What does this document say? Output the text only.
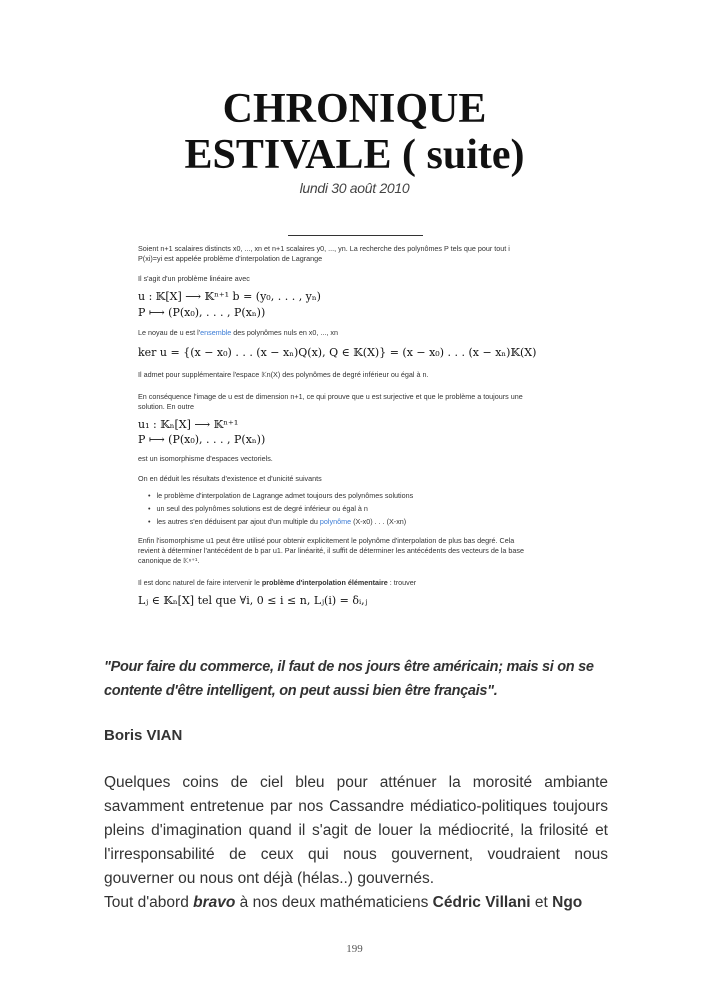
CHRONIQUE
ESTIVALE ( suite)
lundi 30 août 2010
Soient n+1 scalaires distincts x0, ..., xn et n+1 scalaires y0, ..., yn. La recherche des polynômes P tels que pour tout i
P(xi)=yi est appelée problème d'interpolation de Lagrange
Il s'agit d'un problème linéaire avec
u : 𝕂[X] ⟶ 𝕂ⁿ⁺¹ b = (y₀, . . . , yₙ)
P ⟼ (P(x₀), . . . , P(xₙ))
Le noyau de u est l'ensemble des polynômes nuls en x0, ..., xn
ker u = {(x − x₀) . . . (x − xₙ)Q(x), Q ∈ 𝕂(X)} = (x − x₀) . . . (x − xₙ)𝕂(X)
Il admet pour supplémentaire l'espace 𝕂n(X) des polynômes de degré inférieur ou égal à n.
En conséquence l'image de u est de dimension n+1, ce qui prouve que u est surjective et que le problème a toujours une
solution. En outre
u₁ : 𝕂ₙ[X] ⟶ 𝕂ⁿ⁺¹
P ⟼ (P(x₀), . . . , P(xₙ))
est un isomorphisme d'espaces vectoriels.
On en déduit les résultats d'existence et d'unicité suivants
• le problème d'interpolation de Lagrange admet toujours des polynômes solutions
• un seul des polynômes solutions est de degré inférieur ou égal à n
• les autres s'en déduisent par ajout d'un multiple du polynôme (X-x0) . . . (X-xn)
Enfin l'isomorphisme u1 peut être utilisé pour obtenir explicitement le polynôme d'interpolation de plus bas degré. Cela
revient à déterminer l'antécédent de b par u1. Par linéarité, il suffit de déterminer les antécédents des vecteurs de la base
canonique de 𝕂ⁿ⁺¹.
Il est donc naturel de faire intervenir le problème d'interpolation élémentaire : trouver
Lⱼ ∈ 𝕂ₙ[X] tel que ∀i, 0 ≤ i ≤ n, Lⱼ(i) = δᵢ,ⱼ
"Pour faire du commerce, il faut de nos jours être américain; mais si on se contente d'être intelligent, on peut aussi bien être français".
Boris VIAN

Quelques coins de ciel bleu pour atténuer la morosité ambiante savamment entretenue par nos Cassandre médiatico-politiques toujours pleins d'imagination quand il s'agit de louer la médiocrité, la frilosité et l'irresponsabilité de ceux qui nous gouvernent, voudraient nous gouverner ou nous ont déjà (hélas..) gouvernés.

Tout d'abord bravo à nos deux mathématiciens Cédric Villani et Ngo

199
